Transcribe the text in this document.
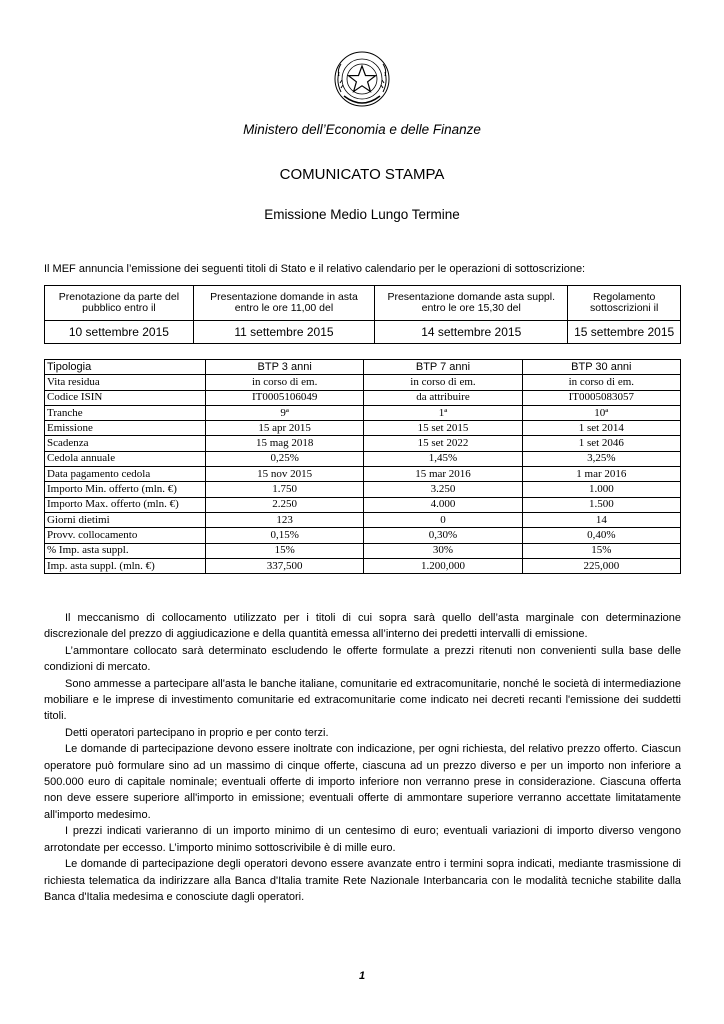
Ministero dell’Economia e delle Finanze
COMUNICATO STAMPA
Emissione Medio Lungo Termine
Il MEF annuncia l’emissione dei seguenti titoli di Stato e il relativo calendario per le operazioni di sottoscrizione:
Prenotazione da parte del pubblico entro il	Presentazione domande in asta entro le ore 11,00 del	Presentazione domande asta suppl. entro le ore 15,30 del	Regolamento sottoscrizioni il
10 settembre 2015	11 settembre 2015	14 settembre 2015	15 settembre 2015
Tipologia	BTP 3 anni	BTP 7 anni	BTP 30 anni
Vita residua	in corso di em.	in corso di em.	in corso di em.
Codice ISIN	IT0005106049	da attribuire	IT0005083057
Tranche	9ª	1ª	10ª
Emissione	15 apr 2015	15 set 2015	1 set 2014
Scadenza	15 mag 2018	15 set 2022	1 set 2046
Cedola annuale	0,25%	1,45%	3,25%
Data pagamento cedola	15 nov 2015	15 mar 2016	1 mar 2016
Importo Min. offerto (mln. €)	1.750	3.250	1.000
Importo Max. offerto (mln. €)	2.250	4.000	1.500
Giorni dietimi	123	0	14
Provv. collocamento	0,15%	0,30%	0,40%
% Imp. asta suppl.	15%	30%	15%
Imp. asta suppl. (mln. €)	337,500	1.200,000	225,000

Il meccanismo di collocamento utilizzato per i titoli di cui sopra sarà quello dell’asta marginale con determinazione discrezionale del prezzo di aggiudicazione e della quantità emessa all’interno dei predetti intervalli di emissione.

L’ammontare collocato sarà determinato escludendo le offerte formulate a prezzi ritenuti non convenienti sulla base delle condizioni di mercato.

Sono ammesse a partecipare all'asta le banche italiane, comunitarie ed extracomunitarie, nonché le società di intermediazione mobiliare e le imprese di investimento comunitarie ed extracomunitarie come indicato nei decreti recanti l'emissione dei suddetti titoli.

Detti operatori partecipano in proprio e per conto terzi.

Le domande di partecipazione devono essere inoltrate con indicazione, per ogni richiesta, del relativo prezzo offerto. Ciascun operatore può formulare sino ad un massimo di cinque offerte, ciascuna ad un prezzo diverso e per un importo non inferiore a 500.000 euro di capitale nominale; eventuali offerte di importo inferiore non verranno prese in considerazione. Ciascuna offerta non deve essere superiore all'importo in emissione; eventuali offerte di ammontare superiore verranno accettate limitatamente all'importo medesimo.

I prezzi indicati varieranno di un importo minimo di un centesimo di euro; eventuali variazioni di importo diverso vengono arrotondate per eccesso. L’importo minimo sottoscrivibile è di mille euro.

Le domande di partecipazione degli operatori devono essere avanzate entro i termini sopra indicati, mediante trasmissione di richiesta telematica da indirizzare alla Banca d'Italia tramite Rete Nazionale Interbancaria con le modalità tecniche stabilite dalla Banca d'Italia medesima e conosciute dagli operatori.

1
